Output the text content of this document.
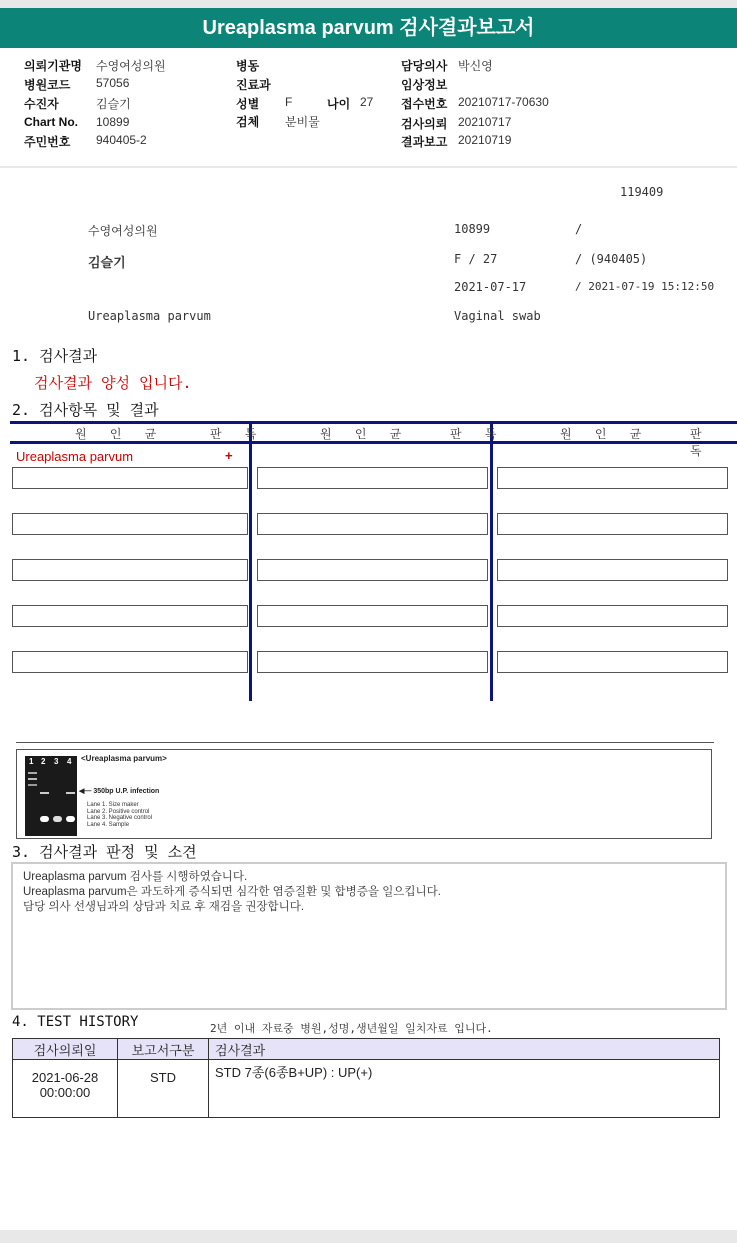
Ureaplasma parvum 검사결과보고서
의뢰기관명 수영여성의원
병원코드 57056
수진자	김슬기
Chart No. 10899
주민번호 940405-2
병동
진료과
성별 F	나이 27
검체 분비물
담당의사 박신영
임상정보
접수번호 20210717-70630
검사의뢰 20210717
결과보고 20210719
119409
수영여성의원	10899	/
김슬기	F / 27	/ (940405)
2021-07-17	/ 2021-07-19 15:12:50
Ureaplasma parvum	Vaginal swab
1. 검사결과
검사결과 양성 입니다.
2. 검사항목 및 결과
원 인 균	판 독	원 인 균	판 독	원 인 균	판 독
Ureaplasma parvum	+
1 2 3 4 <Ureaplasma parvum>
◀— 350bp U.P. infection
Lane 1. Size maker
Lane 2. Positive control
Lane 3. Negative control
Lane 4. Sample
3. 검사결과 판정 및 소견
Ureaplasma parvum 검사를 시행하였습니다.
Ureaplasma parvum은 과도하게 증식되면 심각한 염증질환 및 합병증을 일으킵니다.
담당 의사 선생님과의 상담과 치료 후 재검을 권장합니다.
4. TEST HISTORY	2년 이내 자료중 병원,성명,생년월일 일치자료 입니다.
검사의뢰일	보고서구분	검사결과

2021-06-28
00:00:00	STD	STD 7종(6종B+UP) : UP(+)
